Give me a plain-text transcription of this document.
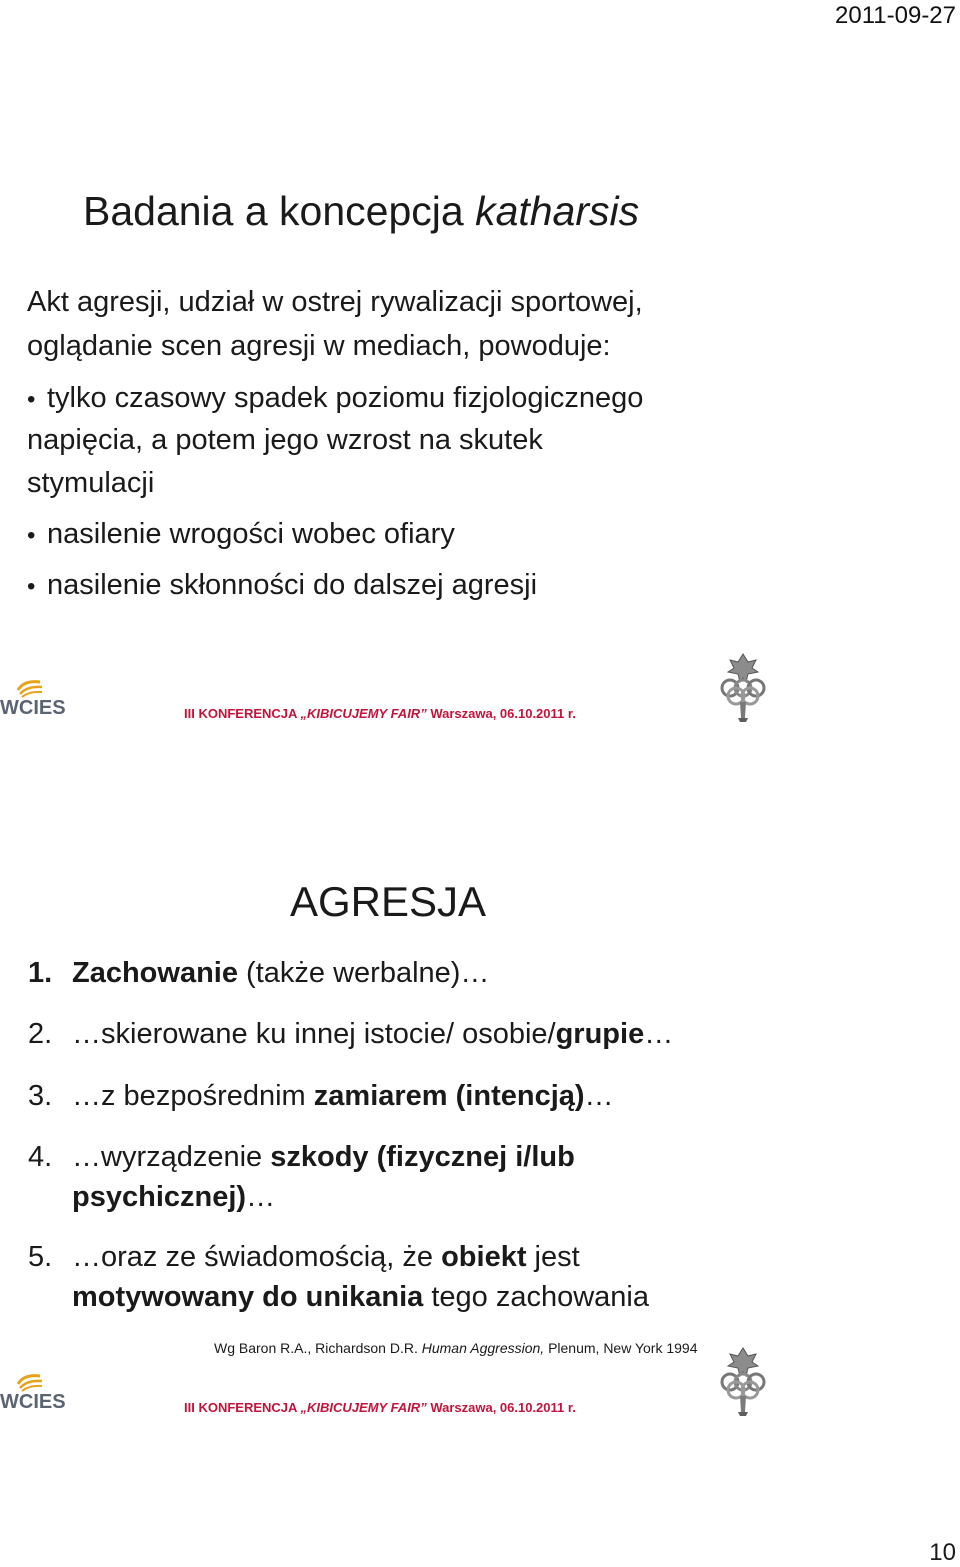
2011-09-27
Badania a koncepcja katharsis
Akt agresji, udział w ostrej rywalizacji sportowej,
oglądanie scen agresji w mediach, powoduje:
• tylko czasowy spadek poziomu fizjologicznego
napięcia, a potem jego wzrost na skutek
stymulacji
• nasilenie wrogości wobec ofiary
• nasilenie skłonności do dalszej agresji
WCIES	III KONFERENCJA „KIBICUJEMY FAIR” Warszawa, 06.10.2011 r.
AGRESJA
1. Zachowanie (także werbalne)…
2. …skierowane ku innej istocie/ osobie/grupie…
3. …z bezpośrednim zamiarem (intencją)…
4. …wyrządzenie szkody (fizycznej i/lub
psychicznej)…
5. …oraz ze świadomością, że obiekt jest
motywowany do unikania tego zachowania
Wg Baron R.A., Richardson D.R. Human Aggression, Plenum, New York 1994
WCIES	III KONFERENCJA „KIBICUJEMY FAIR” Warszawa, 06.10.2011 r.
10
